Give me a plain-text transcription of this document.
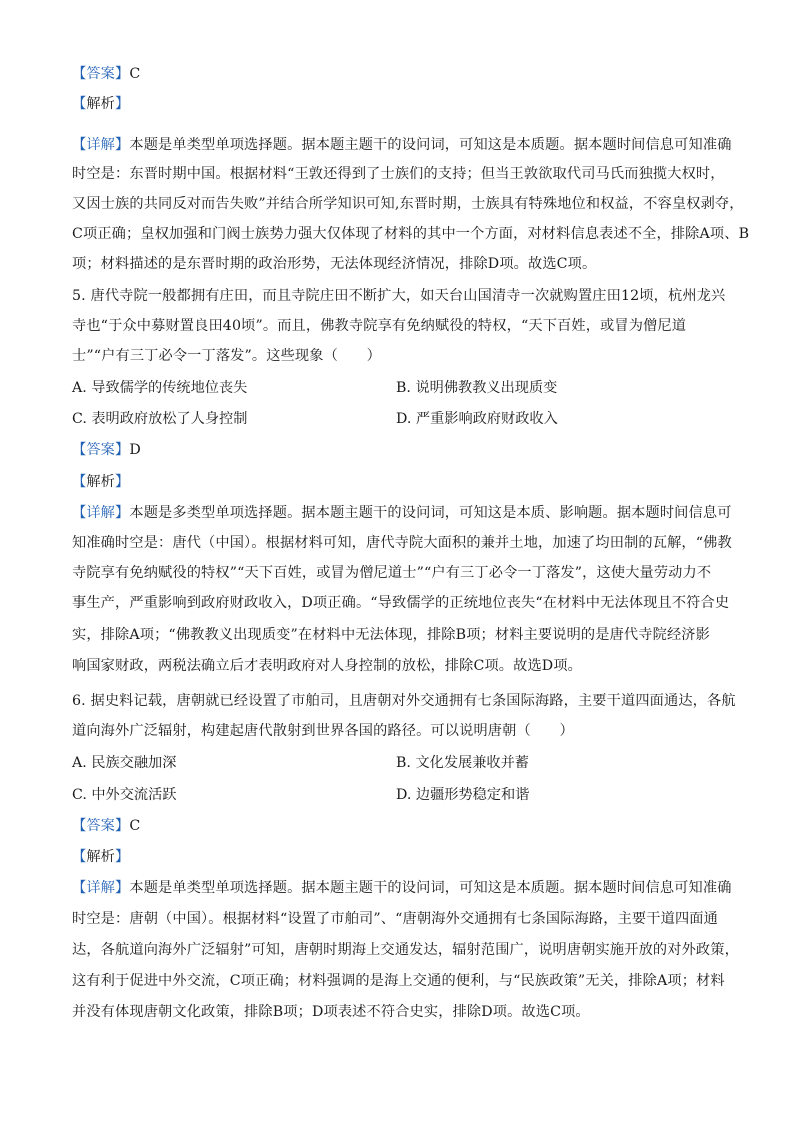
【答案】C
【解析】
【详解】本题是单类型单项选择题。据本题主题干的设问词，可知这是本质题。据本题时间信息可知准确
时空是：东晋时期中国。根据材料“王敦还得到了士族们的支持；但当王敦欲取代司马氏而独揽大权时，
又因士族的共同反对而告失败”并结合所学知识可知,东晋时期，士族具有特殊地位和权益，不容皇权剥夺，
C项正确；皇权加强和门阀士族势力强大仅体现了材料的其中一个方面，对材料信息表述不全，排除A项、B
项；材料描述的是东晋时期的政治形势，无法体现经济情况，排除D项。故选C项。
5. 唐代寺院一般都拥有庄田，而且寺院庄田不断扩大，如天台山国清寺一次就购置庄田12顷，杭州龙兴
寺也“于众中募财置良田40顷”。而且，佛教寺院享有免纳赋役的特权，“天下百姓，或冒为僧尼道
士”“户有三丁必令一丁落发”。这些现象（　　）
A. 导致儒学的传统地位丧失	B. 说明佛教教义出现质变
C. 表明政府放松了人身控制	D. 严重影响政府财政收入
【答案】D
【解析】
【详解】本题是多类型单项选择题。据本题主题干的设问词，可知这是本质、影响题。据本题时间信息可
知准确时空是：唐代（中国）。根据材料可知，唐代寺院大面积的兼并土地，加速了均田制的瓦解，“佛教
寺院享有免纳赋役的特权”“天下百姓，或冒为僧尼道士”“户有三丁必令一丁落发”，这使大量劳动力不
事生产，严重影响到政府财政收入，D项正确。“导致儒学的正统地位丧失“在材料中无法体现且不符合史
实，排除A项；“佛教教义出现质变”在材料中无法体现，排除B项；材料主要说明的是唐代寺院经济影
响国家财政，两税法确立后才表明政府对人身控制的放松，排除C项。故选D项。
6. 据史料记载，唐朝就已经设置了市舶司，且唐朝对外交通拥有七条国际海路，主要干道四面通达，各航
道向海外广泛辐射，构建起唐代散射到世界各国的路径。可以说明唐朝（　　）
A. 民族交融加深	B. 文化发展兼收并蓄
C. 中外交流活跃	D. 边疆形势稳定和谐
【答案】C
【解析】
【详解】本题是单类型单项选择题。据本题主题干的设问词，可知这是本质题。据本题时间信息可知准确
时空是：唐朝（中国）。根据材料“设置了市舶司”、“唐朝海外交通拥有七条国际海路，主要干道四面通
达，各航道向海外广泛辐射”可知，唐朝时期海上交通发达，辐射范围广，说明唐朝实施开放的对外政策，
这有利于促进中外交流，C项正确；材料强调的是海上交通的便利，与“民族政策”无关，排除A项；材料
并没有体现唐朝文化政策，排除B项；D项表述不符合史实，排除D项。故选C项。
